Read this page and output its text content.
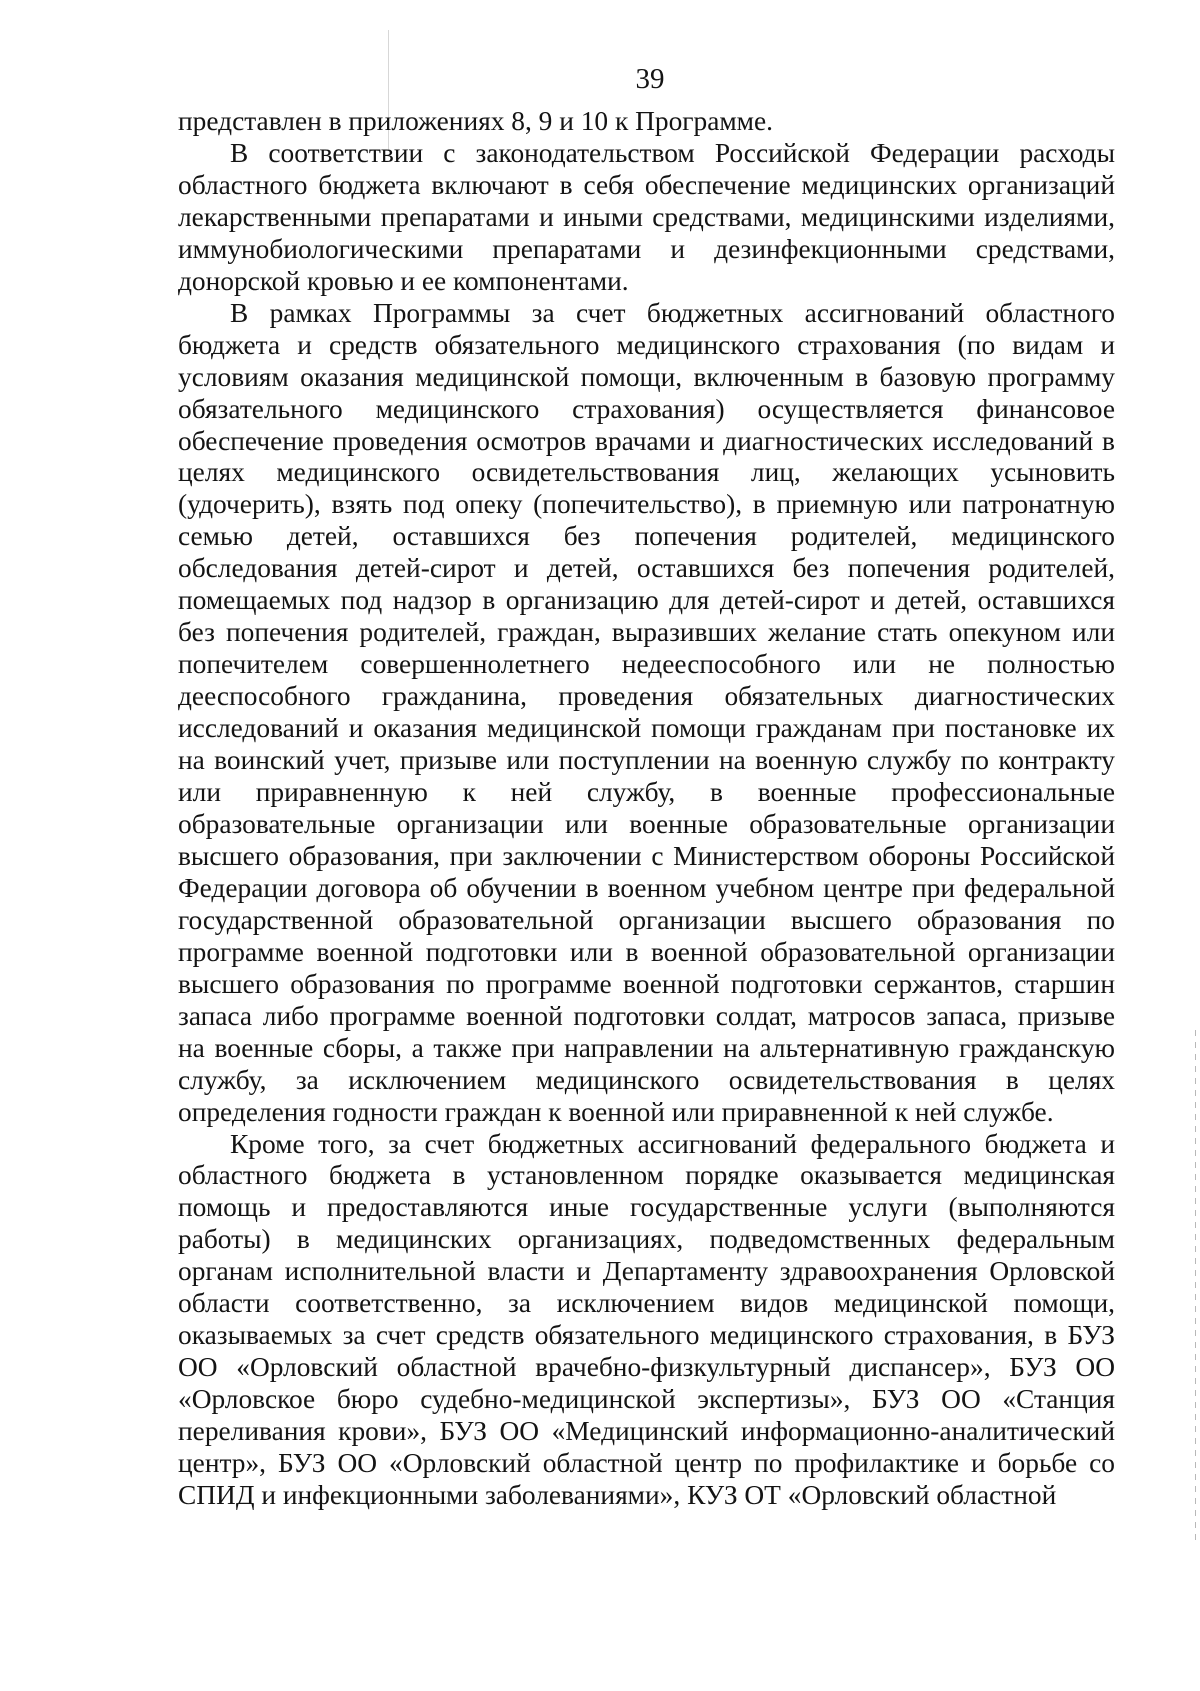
39

представлен в приложениях 8, 9 и 10 к Программе.

В соответствии с законодательством Российской Федерации расходы областного бюджета включают в себя обеспечение медицинских организаций лекарственными препаратами и иными средствами, медицинскими изделиями, иммунобиологическими препаратами и дезинфекционными средствами, донорской кровью и ее компонентами.

В рамках Программы за счет бюджетных ассигнований областного бюджета и средств обязательного медицинского страхования (по видам и условиям оказания медицинской помощи, включенным в базовую программу обязательного медицинского страхования) осуществляется финансовое обеспечение проведения осмотров врачами и диагностических исследований в целях медицинского освидетельствования лиц, желающих усыновить (удочерить), взять под опеку (попечительство), в приемную или патронатную семью детей, оставшихся без попечения родителей, медицинского обследования детей-сирот и детей, оставшихся без попечения родителей, помещаемых под надзор в организацию для детей-сирот и детей, оставшихся без попечения родителей, граждан, выразивших желание стать опекуном или попечителем совершеннолетнего недееспособного или не полностью дееспособного гражданина, проведения обязательных диагностических исследований и оказания медицинской помощи гражданам при постановке их на воинский учет, призыве или поступлении на военную службу по контракту или приравненную к ней службу, в военные профессиональные образовательные организации или военные образовательные организации высшего образования, при заключении с Министерством обороны Российской Федерации договора об обучении в военном учебном центре при федеральной государственной образовательной организации высшего образования по программе военной подготовки или в военной образовательной организации высшего образования по программе военной подготовки сержантов, старшин запаса либо программе военной подготовки солдат, матросов запаса, призыве на военные сборы, а также при направлении на альтернативную гражданскую службу, за исключением медицинского освидетельствования в целях определения годности граждан к военной или приравненной к ней службе.

Кроме того, за счет бюджетных ассигнований федерального бюджета и областного бюджета в установленном порядке оказывается медицинская помощь и предоставляются иные государственные услуги (выполняются работы) в медицинских организациях, подведомственных федеральным органам исполнительной власти и Департаменту здравоохранения Орловской области соответственно, за исключением видов медицинской помощи, оказываемых за счет средств обязательного медицинского страхования, в БУЗ ОО «Орловский областной врачебно-физкультурный диспансер», БУЗ ОО «Орловское бюро судебно-медицинской экспертизы», БУЗ ОО «Станция переливания крови», БУЗ ОО «Медицинский информационно-аналитический центр», БУЗ ОО «Орловский областной центр по профилактике и борьбе со СПИД и инфекционными заболеваниями», КУЗ ОТ «Орловский областной
